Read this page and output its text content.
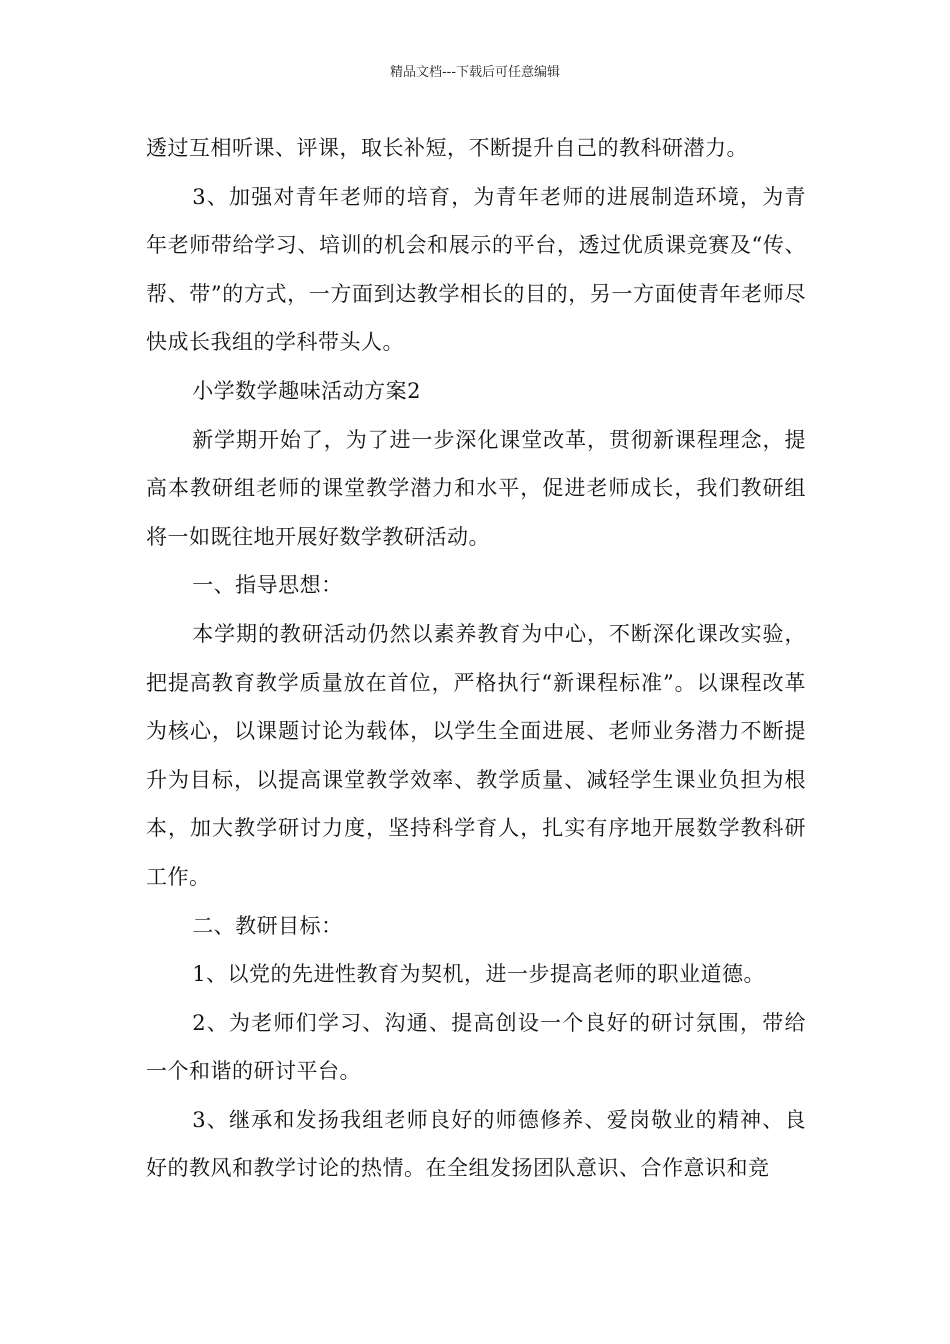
精品文档---下载后可任意编辑

透过互相听课、评课，取长补短，不断提升自己的教科研潜力。

3、加强对青年老师的培育，为青年老师的进展制造环境，为青年老师带给学习、培训的机会和展示的平台，透过优质课竞赛及“传、帮、带”的方式，一方面到达教学相长的目的，另一方面使青年老师尽快成长我组的学科带头人。

小学数学趣味活动方案2

新学期开始了，为了进一步深化课堂改革，贯彻新课程理念，提高本教研组老师的课堂教学潜力和水平，促进老师成长，我们教研组将一如既往地开展好数学教研活动。

一、指导思想：

本学期的教研活动仍然以素养教育为中心，不断深化课改实验，把提高教育教学质量放在首位，严格执行“新课程标准”。以课程改革为核心，以课题讨论为载体，以学生全面进展、老师业务潜力不断提升为目标，以提高课堂教学效率、教学质量、减轻学生课业负担为根本，加大教学研讨力度，坚持科学育人，扎实有序地开展数学教科研工作。

二、教研目标：

1、以党的先进性教育为契机，进一步提高老师的职业道德。

2、为老师们学习、沟通、提高创设一个良好的研讨氛围，带给一个和谐的研讨平台。

3、继承和发扬我组老师良好的师德修养、爱岗敬业的精神、良好的教风和教学讨论的热情。在全组发扬团队意识、合作意识和竞
